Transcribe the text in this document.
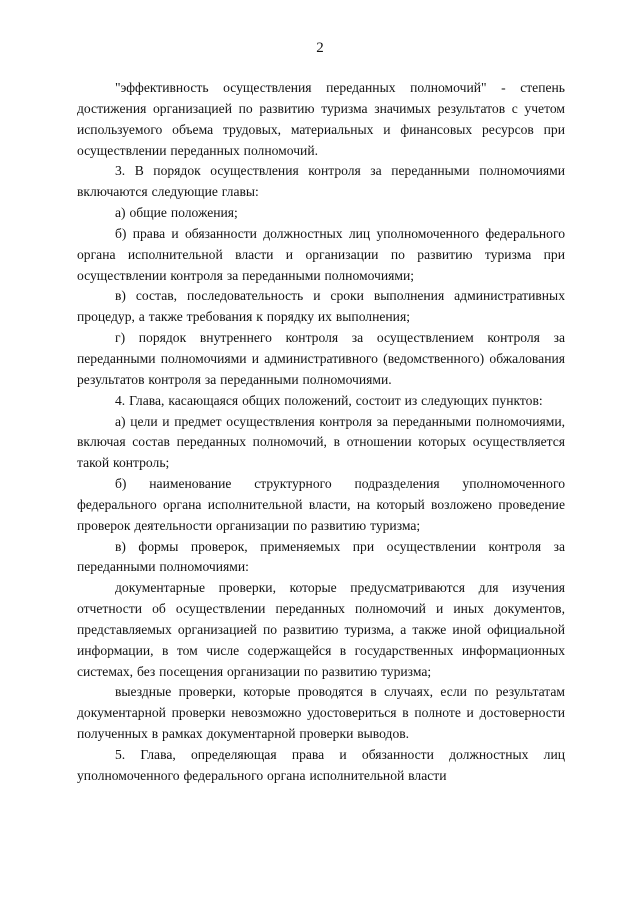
2

"эффективность осуществления переданных полномочий" - степень достижения организацией по развитию туризма значимых результатов с учетом используемого объема трудовых, материальных и финансовых ресурсов при осуществлении переданных полномочий.

3. В порядок осуществления контроля за переданными полномочиями включаются следующие главы:

а) общие положения;

б) права и обязанности должностных лиц уполномоченного федерального органа исполнительной власти и организации по развитию туризма при осуществлении контроля за переданными полномочиями;

в) состав, последовательность и сроки выполнения административных процедур, а также требования к порядку их выполнения;

г) порядок внутреннего контроля за осуществлением контроля за переданными полномочиями и административного (ведомственного) обжалования результатов контроля за переданными полномочиями.

4. Глава, касающаяся общих положений, состоит из следующих пунктов:

а) цели и предмет осуществления контроля за переданными полномочиями, включая состав переданных полномочий, в отношении которых осуществляется такой контроль;

б) наименование структурного подразделения уполномоченного федерального органа исполнительной власти, на который возложено проведение проверок деятельности организации по развитию туризма;

в) формы проверок, применяемых при осуществлении контроля за переданными полномочиями:

документарные проверки, которые предусматриваются для изучения отчетности об осуществлении переданных полномочий и иных документов, представляемых организацией по развитию туризма, а также иной официальной информации, в том числе содержащейся в государственных информационных системах, без посещения организации по развитию туризма;

выездные проверки, которые проводятся в случаях, если по результатам документарной проверки невозможно удостовериться в полноте и достоверности полученных в рамках документарной проверки выводов.

5. Глава, определяющая права и обязанности должностных лиц уполномоченного федерального органа исполнительной власти
